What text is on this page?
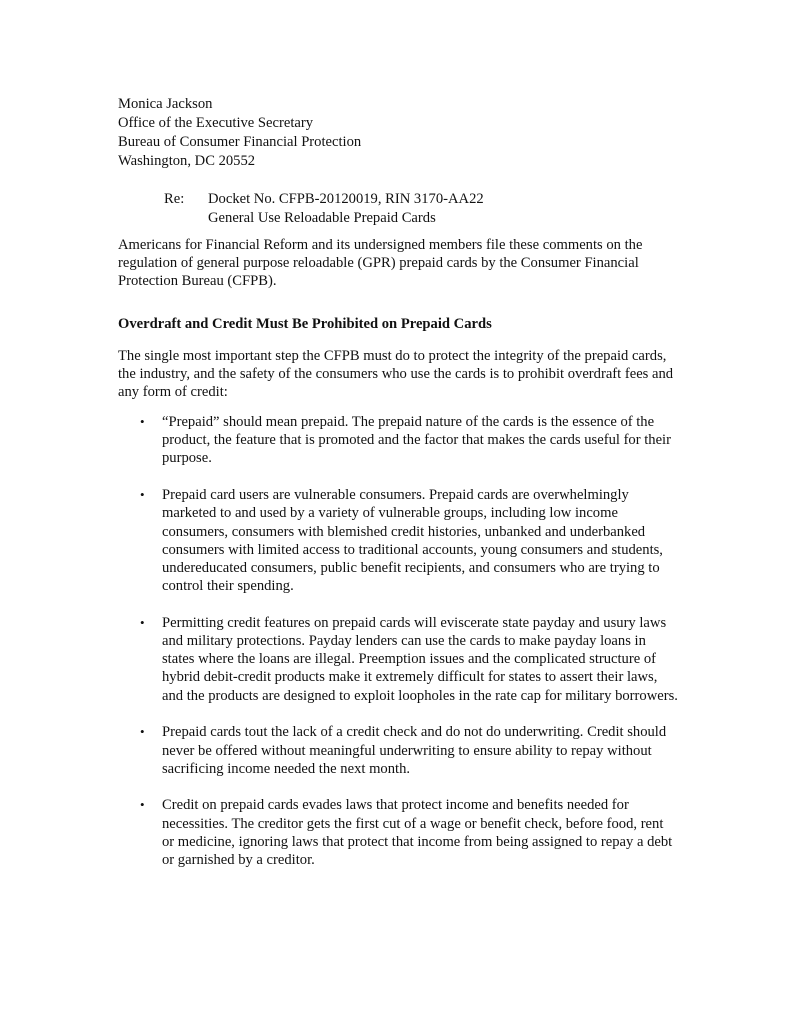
Monica Jackson
Office of the Executive Secretary
Bureau of Consumer Financial Protection
Washington, DC 20552
Re: Docket No. CFPB-20120019, RIN 3170-AA22
General Use Reloadable Prepaid Cards

Americans for Financial Reform and its undersigned members file these comments on the regulation of general purpose reloadable (GPR) prepaid cards by the Consumer Financial Protection Bureau (CFPB).

Overdraft and Credit Must Be Prohibited on Prepaid Cards

The single most important step the CFPB must do to protect the integrity of the prepaid cards, the industry, and the safety of the consumers who use the cards is to prohibit overdraft fees and any form of credit:

•	“Prepaid” should mean prepaid. The prepaid nature of the cards is the essence of the product, the feature that is promoted and the factor that makes the cards useful for their purpose.
•	Prepaid card users are vulnerable consumers. Prepaid cards are overwhelmingly marketed to and used by a variety of vulnerable groups, including low income consumers, consumers with blemished credit histories, unbanked and underbanked consumers with limited access to traditional accounts, young consumers and students, undereducated consumers, public benefit recipients, and consumers who are trying to control their spending.
•	Permitting credit features on prepaid cards will eviscerate state payday and usury laws and military protections. Payday lenders can use the cards to make payday loans in states where the loans are illegal. Preemption issues and the complicated structure of hybrid debit-credit products make it extremely difficult for states to assert their laws, and the products are designed to exploit loopholes in the rate cap for military borrowers.
•	Prepaid cards tout the lack of a credit check and do not do underwriting. Credit should never be offered without meaningful underwriting to ensure ability to repay without sacrificing income needed the next month.
•	Credit on prepaid cards evades laws that protect income and benefits needed for necessities. The creditor gets the first cut of a wage or benefit check, before food, rent or medicine, ignoring laws that protect that income from being assigned to repay a debt or garnished by a creditor.
